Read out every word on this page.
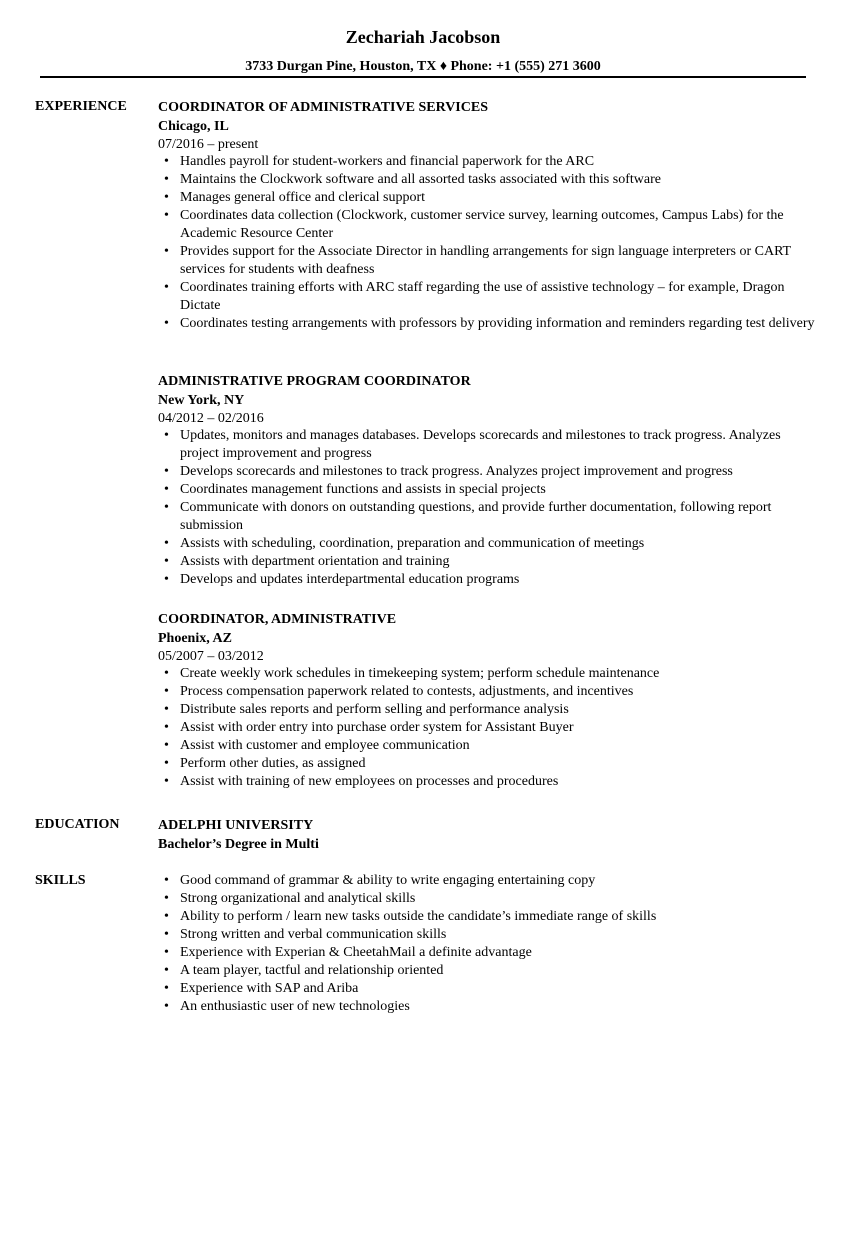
Zechariah Jacobson
3733 Durgan Pine, Houston, TX ♦ Phone: +1 (555) 271 3600
EXPERIENCE COORDINATOR OF ADMINISTRATIVE SERVICES
Chicago, IL
07/2016 – present
• Handles payroll for student-workers and financial paperwork for the ARC
• Maintains the Clockwork software and all assorted tasks associated with this software
• Manages general office and clerical support
• Coordinates data collection (Clockwork, customer service survey, learning outcomes, Campus Labs) for the Academic Resource Center
• Provides support for the Associate Director in handling arrangements for sign language interpreters or CART services for students with deafness
• Coordinates training efforts with ARC staff regarding the use of assistive technology – for example, Dragon Dictate
• Coordinates testing arrangements with professors by providing information and reminders regarding test delivery
ADMINISTRATIVE PROGRAM COORDINATOR
New York, NY
04/2012 – 02/2016
• Updates, monitors and manages databases. Develops scorecards and milestones to track progress. Analyzes project improvement and progress
• Develops scorecards and milestones to track progress. Analyzes project improvement and progress
• Coordinates management functions and assists in special projects
• Communicate with donors on outstanding questions, and provide further documentation, following report submission
• Assists with scheduling, coordination, preparation and communication of meetings
• Assists with department orientation and training
• Develops and updates interdepartmental education programs
COORDINATOR, ADMINISTRATIVE
Phoenix, AZ
05/2007 – 03/2012
• Create weekly work schedules in timekeeping system; perform schedule maintenance
• Process compensation paperwork related to contests, adjustments, and incentives
• Distribute sales reports and perform selling and performance analysis
• Assist with order entry into purchase order system for Assistant Buyer
• Assist with customer and employee communication
• Perform other duties, as assigned
• Assist with training of new employees on processes and procedures
EDUCATION	ADELPHI UNIVERSITY
Bachelor’s Degree in Multi
SKILLS	• Good command of grammar & ability to write engaging entertaining copy
• Strong organizational and analytical skills
• Ability to perform / learn new tasks outside the candidate’s immediate range of skills
• Strong written and verbal communication skills
• Experience with Experian & CheetahMail a definite advantage
• A team player, tactful and relationship oriented
• Experience with SAP and Ariba
• An enthusiastic user of new technologies
